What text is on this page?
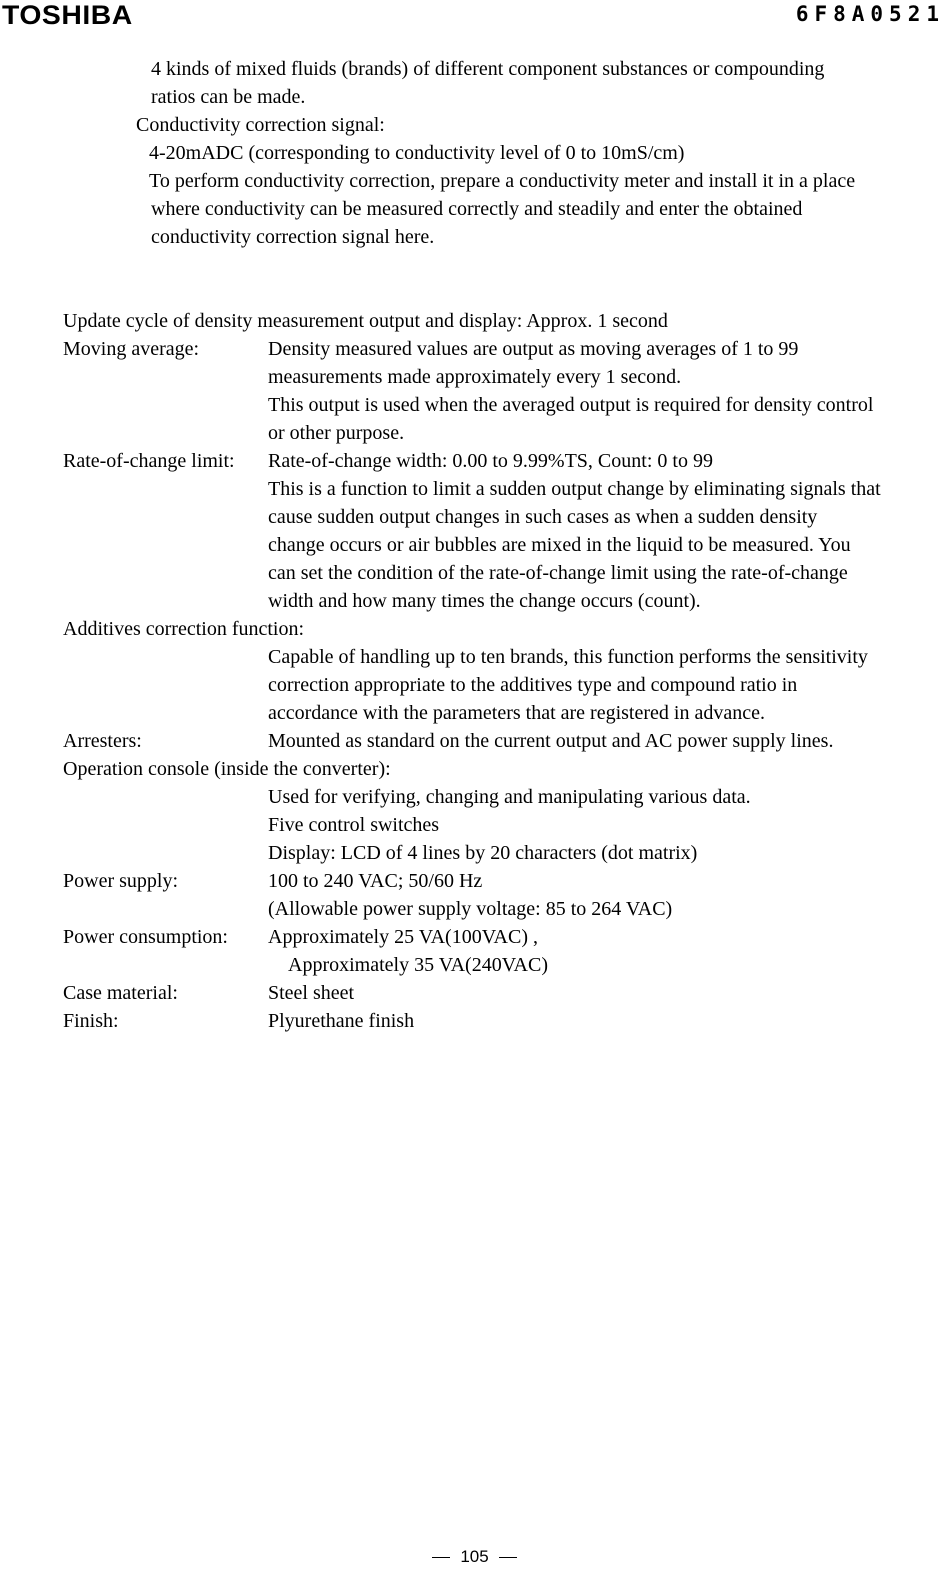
TOSHIBA	6F8A0521
4 kinds of mixed fluids (brands) of different component substances or compounding
ratios can be made.
Conductivity correction signal:
4-20mADC (corresponding to conductivity level of 0 to 10mS/cm)
To perform conductivity correction, prepare a conductivity meter and install it in a place
where conductivity can be measured correctly and steadily and enter the obtained
conductivity correction signal here.
Update cycle of density measurement output and display: Approx. 1 second
Moving average:	Density measured values are output as moving averages of 1 to 99
measurements made approximately every 1 second.
This output is used when the averaged output is required for density control
or other purpose.
Rate-of-change limit: Rate-of-change width: 0.00 to 9.99%TS, Count: 0 to 99
This is a function to limit a sudden output change by eliminating signals that
cause sudden output changes in such cases as when a sudden density
change occurs or air bubbles are mixed in the liquid to be measured. You
can set the condition of the rate-of-change limit using the rate-of-change
width and how many times the change occurs (count).
Additives correction function:
Capable of handling up to ten brands, this function performs the sensitivity
correction appropriate to the additives type and compound ratio in
accordance with the parameters that are registered in advance.
Arresters:	Mounted as standard on the current output and AC power supply lines.
Operation console (inside the converter):
Used for verifying, changing and manipulating various data.
Five control switches
Display: LCD of 4 lines by 20 characters (dot matrix)
Power supply:	100 to 240 VAC; 50/60 Hz
(Allowable power supply voltage: 85 to 264 VAC)
Power consumption: Approximately 25 VA(100VAC) ,
Approximately 35 VA(240VAC)
Case material:	Steel sheet
Finish:	Plyurethane finish
105
